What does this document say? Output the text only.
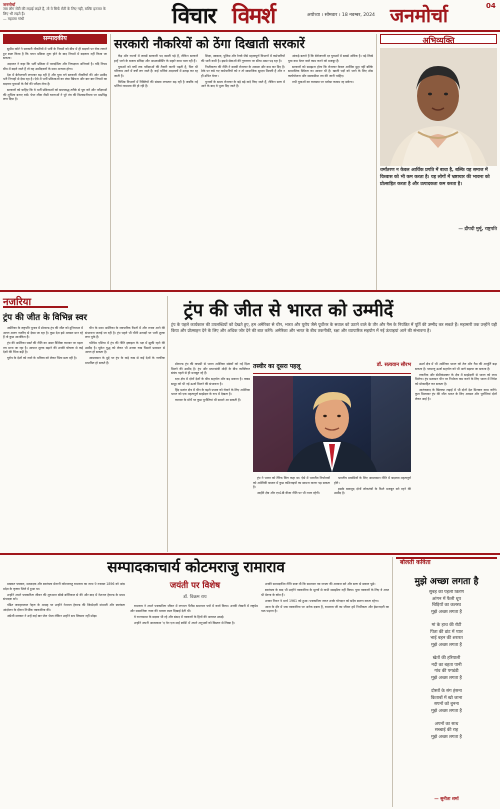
जनमोर्चा
जब लोग रोटी की लड़ाई लड़ते हैं, तो वे सिर्फ रोटी के लिए नहीं, बल्कि इज्जत के लिए भी लड़ते हैं।
— महात्मा गांधी	विचार विमर्श	अयोध्या । सोमवार । 18 नवम्बर, 2024 जनमोर्चा	04
सम्पादकीय

सुप्रीम कोर्ट ने सरकारी नौकरियों में भर्ती के नियमों को बीच में ही बदलने पर रोक लगाते हुए स्पष्ट किया है कि चयन प्रक्रिया शुरू होने के बाद नियमों में बदलाव नहीं किया जा सकता।

अदालत ने कहा कि भर्ती प्रक्रिया में पारदर्शिता और निष्पक्षता अनिवार्य है। यदि नियम बीच में बदले जाते हैं तो यह उम्मीदवारों के साथ अन्याय होगा।

देश में बेरोजगारी लगातार बढ़ रही है और युवा वर्ग सरकारी नौकरियों की ओर उम्मीद भरी निगाहों से देख रहा है। ऐसे में भर्ती प्रक्रियाओं का लंबा खिंचना और बार बार नियमों का बदलना युवाओं के धैर्य की परीक्षा लेता है।

सरकारों को चाहिए कि वे भर्ती प्रक्रियाओं को समयबद्ध तरीके से पूरा करें और परीक्षाओं की शुचिता बनाए रखें। पेपर लीक जैसी घटनाओं ने पूरे तंत्र की विश्वसनीयता पर प्रश्नचिह्न लगा दिया है।

सरकारी नौकरियों को ठेंगा दिखाती सरकारें

केंद्र और राज्यों में लाखों सरकारी पद खाली पड़े हैं, लेकिन सरकारें इन्हें भरने के बजाय संविदा और आउटसोर्सिंग के सहारे काम चला रही हैं।

युवाओं को वर्षों तक परीक्षाओं की तैयारी करनी पड़ती है, फिर भी परिणाम आने में वर्षों लग जाते हैं। कई भर्तियां अदालतों में उलझ कर रह जाती हैं।

विभिन्न विभागों में रिक्तियों की संख्या लगातार बढ़ रही है जबकि नई भर्तियां नाममात्र की हो रही हैं।

शिक्षा, स्वास्थ्य, पुलिस और रेलवे जैसे महत्वपूर्ण विभागों में कर्मचारियों की भारी कमी है। इससे सेवाओं की गुणवत्ता पर सीधा असर पड़ रहा है।

निजीकरण की नीति ने स्थायी रोजगार के अवसर और कम कर दिए हैं। ठेके पर रखे गए कर्मचारियों को न तो सामाजिक सुरक्षा मिलती है और न ही उचित वेतन।

चुनावों के समय रोजगार के बड़े बड़े वादे किए जाते हैं, लेकिन सत्ता में आने के बाद वे भुला दिए जाते हैं।

आंकड़े बताते हैं कि बेरोजगारी दर युवाओं में सबसे अधिक है। पढ़े लिखे युवा कम वेतन वाले काम करने को मजबूर हैं।

सरकारों को समझना होगा कि रोजगार केवल आर्थिक मुद्दा नहीं बल्कि सामाजिक स्थिरता का आधार भी है। खाली पदों को भरने के लिए ठोस कार्ययोजना और समयसीमा तय की जानी चाहिए।

तभी युवाओं का व्यवस्था पर भरोसा कायम रह सकेगा।

अभिव्यक्ति
धर्मांतरण न केवल आर्थिक प्रगति में बाधा है, बल्कि यह समाज में विश्वास को भी कम करता है। यह लोगों में भ्रष्टाचार की भावना को प्रोत्साहित करता है और उत्पादकता कम करता है।
— द्रौपदी मुर्मू, राष्ट्रपति
नजरिया	ट्रंप की जीत से भारत को उम्मीदें
ट्रंप की जीत के विभिन्न स्वर

अमेरिका के राष्ट्रपति चुनाव में डोनाल्ड ट्रंप की जीत को दुनियाभर में अलग अलग नजरिए से देखा जा रहा है। कुछ देश इसे अवसर मान रहे हैं तो कुछ आशंकित हैं।

ट्रंप की अमेरिका फर्स्ट की नीति का असर वैश्विक व्यापार पर पड़ना तय माना जा रहा है। आयात शुल्क बढ़ाने की उनकी घोषणा से कई देशों की चिंता बढ़ी है।

यूरोप के देशों को नाटो के भविष्य को लेकर चिंता सता रही है।

चीन के साथ अमेरिका के व्यापारिक रिश्तों में और तनाव आने की संभावना जताई जा रही है। ट्रंप पहले भी चीनी उत्पादों पर भारी शुल्क लगा चुके हैं।

पश्चिम एशिया में ट्रंप की नीति इस्राइल के पक्ष में झुकी रहने की उम्मीद है। यूक्रेन युद्ध को लेकर भी उनका रुख पिछले प्रशासन से अलग हो सकता है।

आप्रवासन के मुद्दे पर ट्रंप के कड़े रुख से कई देशों के नागरिक प्रभावित हो सकते हैं।

ट्रंप के पहले कार्यकाल की उपलब्धियों को देखते हुए, हम अमेरिका से चीन, भारत और यूरोप जैसे पूर्वोत्तर के सवाल को उठाने वाले के तौर और गैस के नियंत्रित में पूर्ति की उम्मीद कर सकते हैं। महामारी तक उन्होंने यही किया और प्रोत्साहन देने के लिए और अधिक जोर देने की बात करेंगे। अमेरिका और भारत के बीच तकनीकी, रक्षा और व्यापारिक सहयोग में नई ऊंचाइयां आने की संभावना है।

डोनाल्ड ट्रंप की वापसी से भारत अमेरिका संबंधों को नई दिशा मिलने की उम्मीद है। ट्रंप और प्रधानमंत्री मोदी के बीच व्यक्तिगत संबंध पहले से ही मजबूत रहे हैं।

रक्षा क्षेत्र में दोनों देशों के बीच सहयोग और बढ़ सकता है। क्वाड समूह को भी नई ऊर्जा मिलने की संभावना है।

हिंद प्रशांत क्षेत्र में चीन के बढ़ते प्रभाव को रोकने के लिए अमेरिका भारत को एक महत्वपूर्ण साझेदार के रूप में देखता है।

व्यापार के मोर्चे पर कुछ चुनौतियां भी सामने आ सकती हैं।

तस्वीर का दूसरा पहलू	डॉ. सत्यवान सौरभ

ट्रंप ने भारत को टैरिफ किंग कहा था। ऐसे में भारतीय निर्यातकों को अमेरिकी बाजार में कुछ कठिनाइयों का सामना करना पड़ सकता है।

आईटी क्षेत्र और एच1बी वीजा नीति पर भी नजर रहेगी।

भारतीय प्रवासियों के लिए आप्रवासन नीति में बदलाव महत्वपूर्ण होंगे।

इसके बावजूद दोनों लोकतंत्रों के रिश्ते मजबूत बने रहने की उम्मीद है।

ऊर्जा क्षेत्र में भी अमेरिका भारत को तेल और गैस की आपूर्ति बढ़ा सकता है। परमाणु ऊर्जा सहयोग को भी आगे बढ़ाया जा सकता है।

तकनीक और सेमीकंडक्टर के क्षेत्र में साझेदारी से भारत को लाभ मिलेगा। ट्रंप प्रशासन चीन पर निर्भरता कम करने के लिए भारत में निवेश को प्रोत्साहित कर सकता है।

आतंकवाद के खिलाफ लड़ाई में भी दोनों देश मिलकर काम करेंगे। कुल मिलाकर ट्रंप की जीत भारत के लिए अवसर और चुनौतियां दोनों लेकर आई है।

सम्पादकाचार्य कोटमराजु रामाराव

प्रख्यात पत्रकार, सम्पादक और स्वतंत्रता सेनानी कोटमराजु रामाराव का जन्म 9 नवम्बर 1896 को आंध्र प्रदेश के कृष्णा जिले में हुआ था।

उन्होंने अपने पत्रकारिता जीवन की शुरुआत बॉम्बे क्रॉनिकल से की और बाद में नेशनल हेराल्ड के प्रथम संपादक बने।

पंडित जवाहरलाल नेहरू के आग्रह पर उन्होंने नेशनल हेराल्ड की जिम्मेदारी संभाली और स्वतंत्रता आंदोलन के दौरान निर्भीक पत्रकारिता की।

अंग्रेजी सरकार ने उन्हें कई बार जेल भेजा लेकिन उन्होंने सच लिखना नहीं छोड़ा।

जयंती पर विशेष
डॉ. विक्रम राय

रामाराव ने अपने पत्रकारिता जीवन में लगभग पैंतीस समाचार पत्रों में कार्य किया। उनकी लेखनी में राष्ट्रप्रेम और सामाजिक न्याय की भावना स्पष्ट दिखाई देती थी।

वे राज्यसभा के सदस्य भी रहे और संसद में पत्रकारों के हितों की आवाज उठाई।

उन्होंने अपनी आत्मकथा 'द पेन एज माई स्वॉर्ड' में अपने अनुभवों को विस्तार से लिखा है।

उनकी सम्पादकीय नीति स्पष्ट थी कि समाचार पत्र जनता की आवाज बने और सत्ता से सवाल पूछे।

स्वतंत्रता के बाद भी उन्होंने पत्रकारिता के मूल्यों से कभी समझौता नहीं किया। युवा पत्रकारों के लिए वे आज भी प्रेरणा के स्रोत हैं।

उनका निधन 9 मार्च 1961 को हुआ। पत्रकारिता जगत उनके योगदान को सदैव स्मरण करता रहेगा।

आज के दौर में जब पत्रकारिता पर अनेक दबाव हैं, रामाराव जी का जीवन हमें निर्भीकता और ईमानदारी का पाठ पढ़ाता है।

बोलती कविता
मुझे अच्छा लगता है
सुबह की पहली किरण
आंगन में फैली धूप
चिड़ियों का कलरव
मुझे अच्छा लगता है

मां के हाथ की रोटी
पिता की डांट में प्यार
भाई बहन की शरारत
मुझे अच्छा लगता है

खेतों की हरियाली
नदी का बहता पानी
गांव की पगडंडी
मुझे अच्छा लगता है

दोस्तों के संग हंसना
किताबों में खो जाना
सपनों को बुनना
मुझे अच्छा लगता है

अपनों का साथ
सच्चाई की राह
मुझे अच्छा लगता है
— सुनीता शर्मा
